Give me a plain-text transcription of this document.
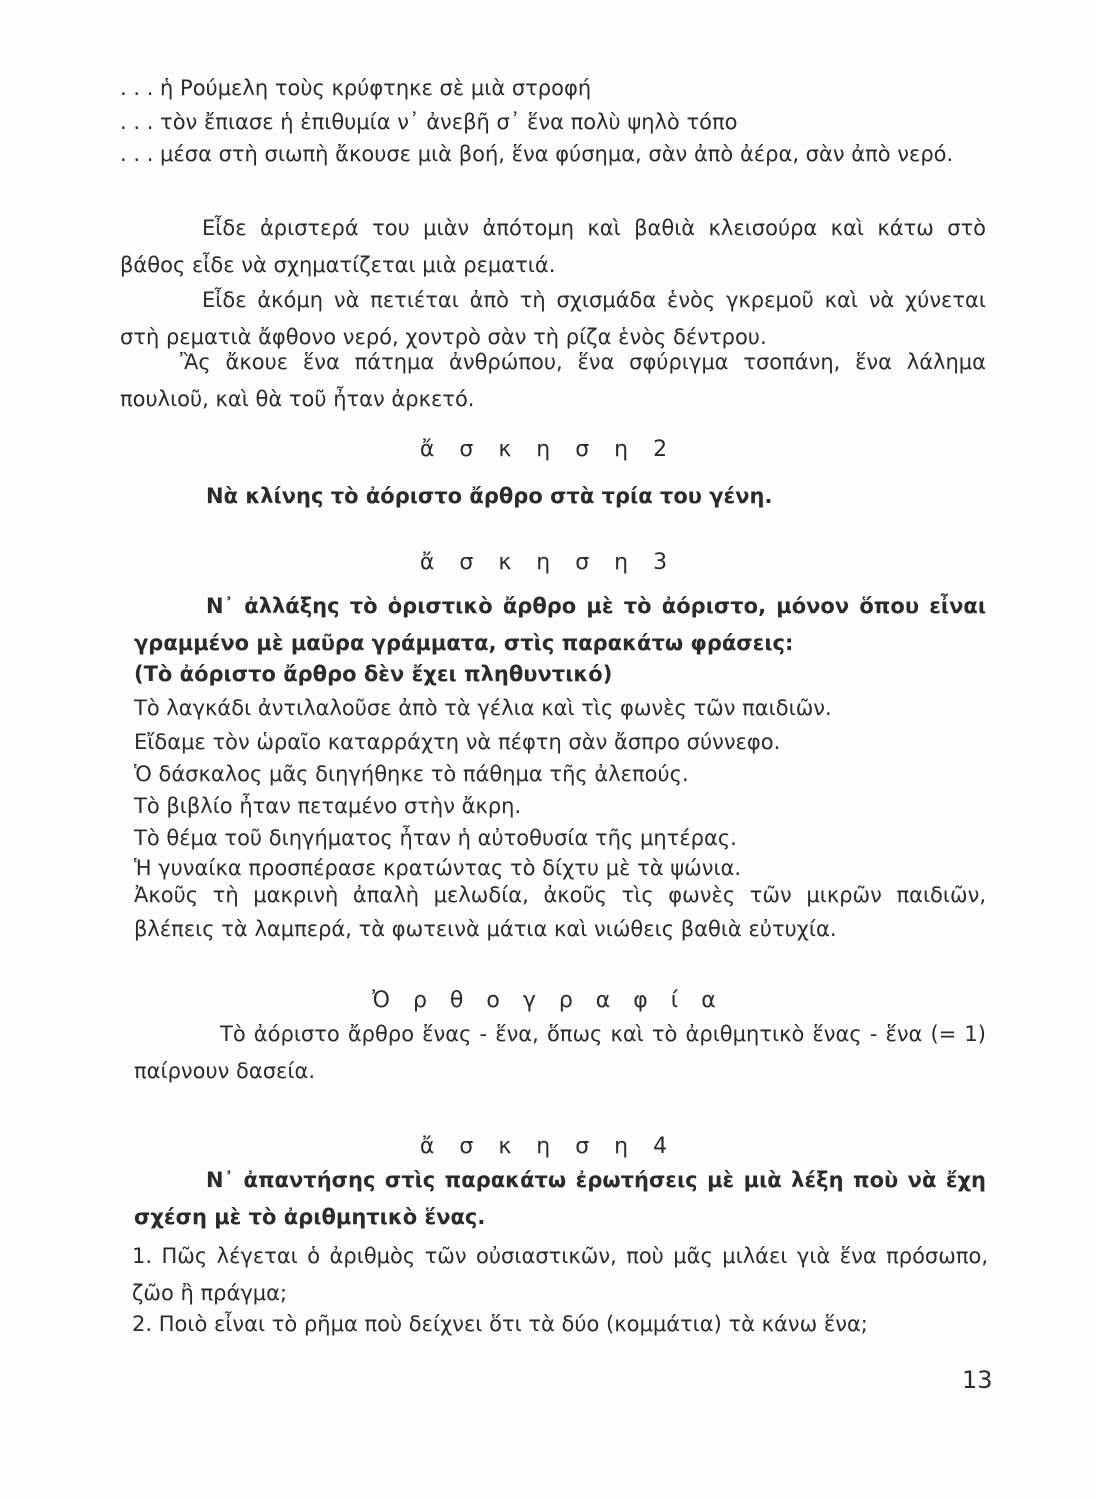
. . . ἡ Ρούμελη τοὺς κρύφτηκε σὲ μιὰ στροφή

. . . τὸν ἔπιασε ἡ ἐπιθυμία ν᾽ ἀνεβῆ σ᾽ ἕνα πολὺ ψηλὸ τόπο

. . . μέσα στὴ σιωπὴ ἄκουσε μιὰ βοή, ἕνα φύσημα, σὰν ἀπὸ ἀέρα, σὰν ἀπὸ νερό.

Εἶδε ἀριστερά του μιὰν ἀπότομη καὶ βαθιὰ κλεισούρα καὶ κάτω στὸ βάθος εἶδε νὰ σχηματίζεται μιὰ ρεματιά.

Εἶδε ἀκόμη νὰ πετιέται ἀπὸ τὴ σχισμάδα ἑνὸς γκρεμοῦ καὶ νὰ χύνεται στὴ ρεματιὰ ἄφθονο νερό, χοντρὸ σὰν τὴ ρίζα ἑνὸς δέντρου.

Ἂς ἄκουε ἕνα πάτημα ἀνθρώπου, ἕνα σφύριγμα τσοπάνη, ἕνα λάλημα πουλιοῦ, καὶ θὰ τοῦ ἦταν ἀρκετό.

ἄ σ κ η σ η 2

Νὰ κλίνης τὸ ἀόριστο ἄρθρο στὰ τρία του γένη.

ἄ σ κ η σ η 3

Ν᾽ ἀλλάξης τὸ ὁριστικὸ ἄρθρο μὲ τὸ ἀόριστο, μόνον ὅπου εἶναι γραμμένο μὲ μαῦρα γράμματα, στὶς παρακάτω φράσεις:

(Τὸ ἀόριστο ἄρθρο δὲν ἔχει πληθυντικό)

Τὸ λαγκάδι ἀντιλαλοῦσε ἀπὸ τὰ γέλια καὶ τὶς φωνὲς τῶν παιδιῶν.

Εἴδαμε τὸν ὡραῖο καταρράχτη νὰ πέφτη σὰν ἄσπρο σύννεφο.

Ὁ δάσκαλος μᾶς διηγήθηκε τὸ πάθημα τῆς ἀλεπούς.

Τὸ βιβλίο ἦταν πεταμένο στὴν ἄκρη.

Τὸ θέμα τοῦ διηγήματος ἦταν ἡ αὐτοθυσία τῆς μητέρας.

Ἡ γυναίκα προσπέρασε κρατώντας τὸ δίχτυ μὲ τὰ ψώνια.

Ἀκοῦς τὴ μακρινὴ ἀπαλὴ μελωδία, ἀκοῦς τὶς φωνὲς τῶν μικρῶν παιδιῶν, βλέπεις τὰ λαμπερά, τὰ φωτεινὰ μάτια καὶ νιώθεις βαθιὰ εὐτυχία.

Ὀ ρ θ ο γ ρ α φ ί α

Τὸ ἀόριστο ἄρθρο ἕνας - ἕνα, ὅπως καὶ τὸ ἀριθμητικὸ ἕνας - ἕνα (= 1) παίρνουν δασεία.

ἄ σ κ η σ η 4

Ν᾽ ἀπαντήσης στὶς παρακάτω ἐρωτήσεις μὲ μιὰ λέξη ποὺ νὰ ἔχη σχέση μὲ τὸ ἀριθμητικὸ ἕνας.

1. Πῶς λέγεται ὁ ἀριθμὸς τῶν οὐσιαστικῶν, ποὺ μᾶς μιλάει γιὰ ἕνα πρόσωπο, ζῶο ἢ πράγμα;

2. Ποιὸ εἶναι τὸ ρῆμα ποὺ δείχνει ὅτι τὰ δύο (κομμάτια) τὰ κάνω ἕνα;

13
